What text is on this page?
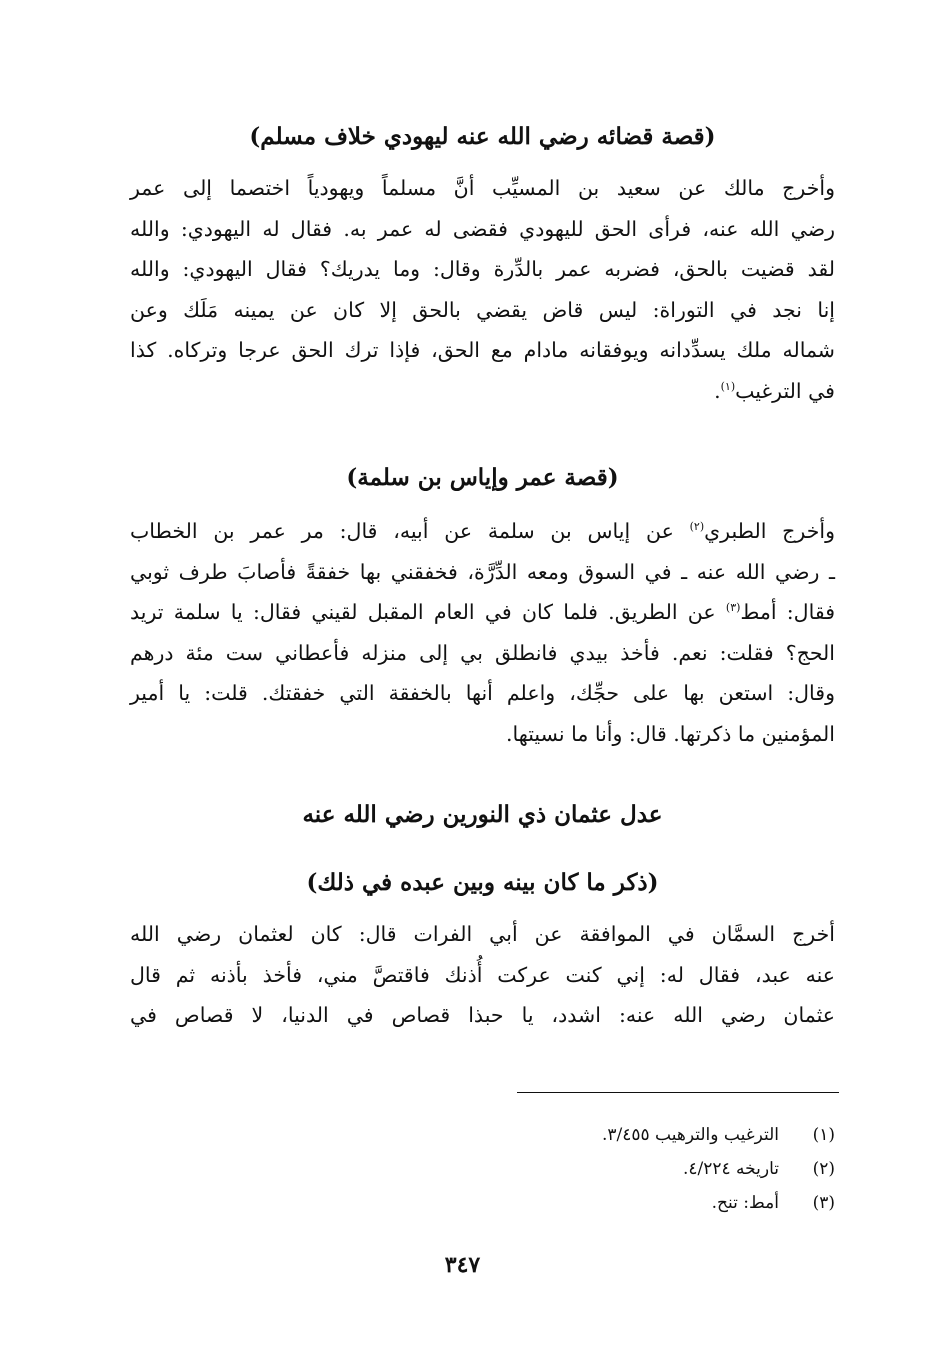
(قصة قضائه رضي الله عنه ليهودي خلاف مسلم)
وأخرج مالك عن سعيد بن المسيِّب أنَّ مسلماً ويهودياً اختصما إلى عمر
رضي الله عنه، فرأى الحق لليهودي فقضى له عمر به. فقال له اليهودي: والله
لقد قضيت بالحق، فضربه عمر بالدِّرة وقال: وما يدريك؟ فقال اليهودي: والله
إنا نجد في التوراة: ليس قاض يقضي بالحق إلا كان عن يمينه مَلَك وعن
شماله ملك يسدِّدانه ويوفقانه مادام مع الحق، فإذا ترك الحق عرجا وتركاه. كذا
في الترغيب$^{(١)}$.
(قصة عمر وإياس بن سلمة)
وأخرج الطبري$^{(٢)}$ عن إياس بن سلمة عن أبيه، قال: مر عمر بن الخطاب
ـ رضي الله عنه ـ في السوق ومعه الدِّرَّة، فخفقني بها خفقةً فأصابَ طرف ثوبي
فقال: أمط$^{(٣)}$ عن الطريق. فلما كان في العام المقبل لقيني فقال: يا سلمة تريد
الحج؟ فقلت: نعم. فأخذ بيدي فانطلق بي إلى منزله فأعطاني ست مئة درهم
وقال: استعن بها على حجِّك، واعلم أنها بالخفقة التي خفقتك. قلت: يا أمير
المؤمنين ما ذكرتها. قال: وأنا ما نسيتها.
عدل عثمان ذي النورين رضي الله عنه
(ذكر ما كان بينه وبين عبده في ذلك)
أخرج السمَّان في الموافقة عن أبي الفرات قال: كان لعثمان رضي الله
عنه عبد، فقال له: إني كنت عركت أُذنك فاقتصَّ مني، فأخذ بأذنه ثم قال
عثمان رضي الله عنه: اشدد، يا حبذا قصاص في الدنيا، لا قصاص في
(١)
الترغيب والترهيب ٣/٤٥٥.
(٢)
تاريخه ٤/٢٢٤.
(٣)
أمط: تنح.
٣٤٧
